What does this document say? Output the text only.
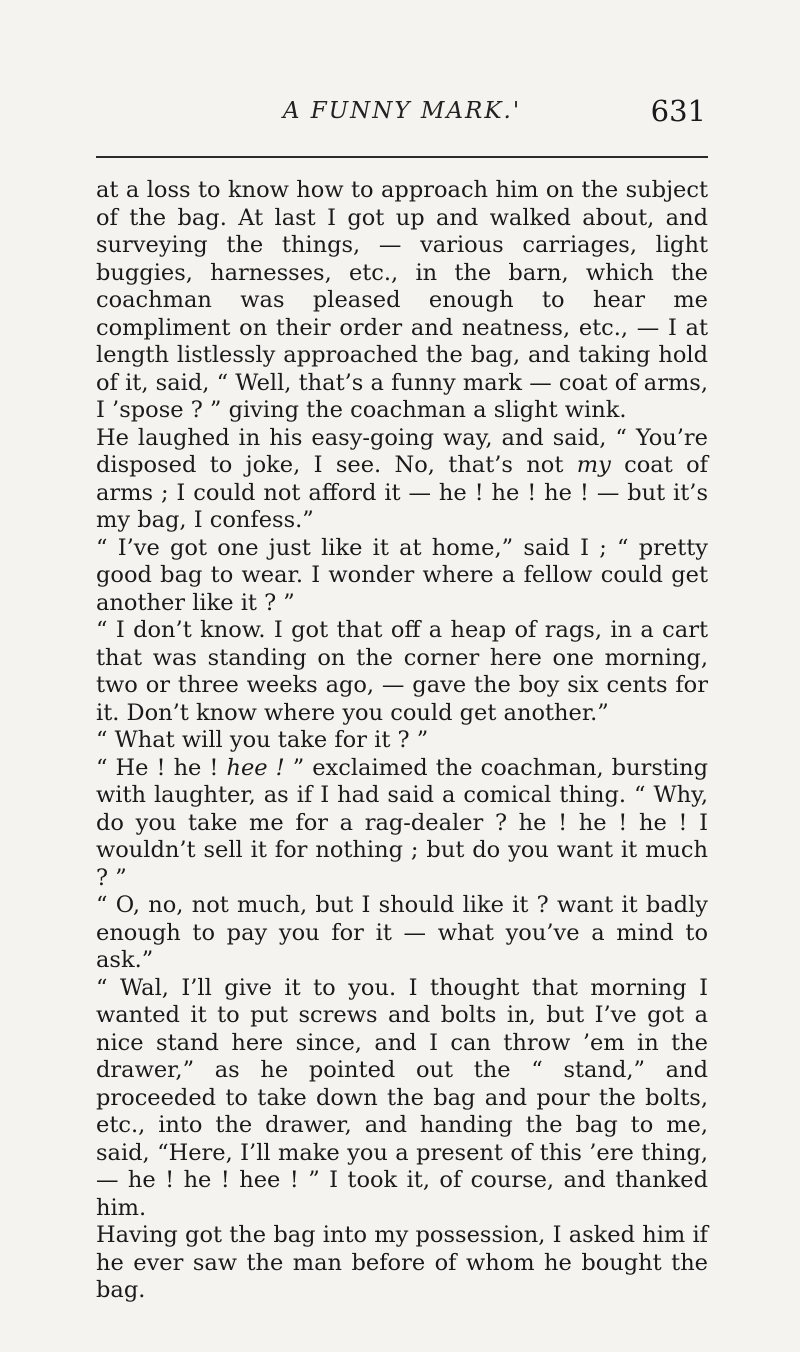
A FUNNY MARK.'	631

at a loss to know how to approach him on the subject of the bag. At last I got up and walked about, and surveying the things, — various carriages, light buggies, harnesses, etc., in the barn, which the coachman was pleased enough to hear me compliment on their order and neatness, etc., — I at length listlessly approached the bag, and taking hold of it, said, “ Well, that’s a funny mark — coat of arms, I ’spose ? ” giving the coachman a slight wink.

He laughed in his easy-going way, and said, “ You’re disposed to joke, I see. No, that’s not my coat of arms ; I could not afford it — he ! he ! he ! — but it’s my bag, I confess.”

“ I’ve got one just like it at home,” said I ; “ pretty good bag to wear. I wonder where a fellow could get another like it ? ”

“ I don’t know. I got that off a heap of rags, in a cart that was standing on the corner here one morning, two or three weeks ago, — gave the boy six cents for it. Don’t know where you could get another.”

“ What will you take for it ? ”

“ He ! he ! hee ! ” exclaimed the coachman, bursting with laughter, as if I had said a comical thing. “ Why, do you take me for a rag-dealer ? he ! he ! he ! I wouldn’t sell it for nothing ; but do you want it much ? ”

“ O, no, not much, but I should like it ? want it badly enough to pay you for it — what you’ve a mind to ask.”

“ Wal, I’ll give it to you. I thought that morning I wanted it to put screws and bolts in, but I’ve got a nice stand here since, and I can throw ’em in the drawer,” as he pointed out the “ stand,” and proceeded to take down the bag and pour the bolts, etc., into the drawer, and handing the bag to me, said, “Here, I’ll make you a present of this ’ere thing, — he ! he ! hee ! ” I took it, of course, and thanked him.

Having got the bag into my possession, I asked him if he ever saw the man before of whom he bought the bag.
